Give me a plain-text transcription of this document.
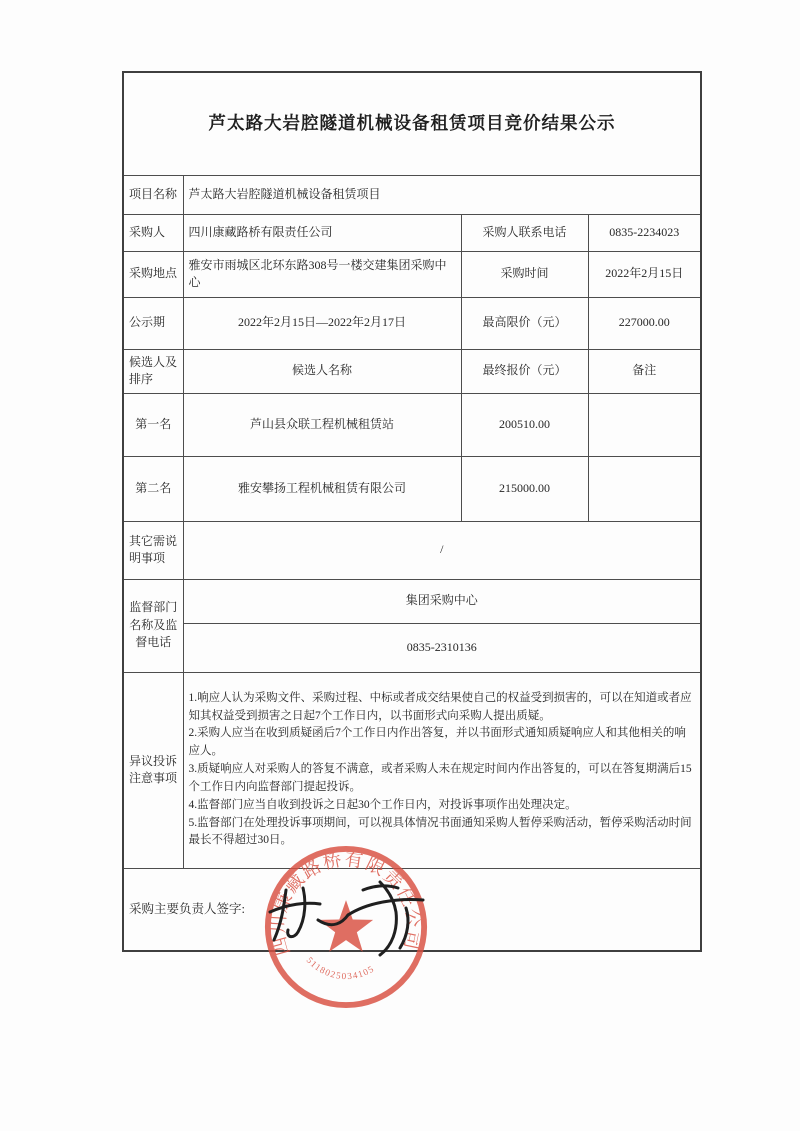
芦太路大岩腔隧道机械设备租赁项目竞价结果公示			
项目名称	芦太路大岩腔隧道机械设备租赁项目		
采购人	四川康藏路桥有限责任公司	采购人联系电话	0835-2234023
采购地点	雅安市雨城区北环东路308号一楼交建集团采购中心	采购时间	2022年2月15日
公示期	2022年2月15日—2022年2月17日	最高限价（元）	227000.00
候选人及排序	候选人名称	最终报价（元）	备注
第一名	芦山县众联工程机械租赁站	200510.00	
第二名	雅安攀扬工程机械租赁有限公司	215000.00	
其它需说明事项	/		
监督部门名称及监督电话	集团采购中心		
	0835-2310136		
异议投诉注意事项	1.响应人认为采购文件、采购过程、中标或者成交结果使自己的权益受到损害的，可以在知道或者应知其权益受到损害之日起7个工作日内，以书面形式向采购人提出质疑。
2.采购人应当在收到质疑函后7个工作日内作出答复，并以书面形式通知质疑响应人和其他相关的响应人。
3.质疑响应人对采购人的答复不满意，或者采购人未在规定时间内作出答复的，可以在答复期满后15个工作日内向监督部门提起投诉。
4.监督部门应当自收到投诉之日起30个工作日内，对投诉事项作出处理决定。
5.监督部门在处理投诉事项期间，可以视具体情况书面通知采购人暂停采购活动，暂停采购活动时间最长不得超过30日。		

采购主要负责人签字:			
四川康藏路桥有限责任公司
5118025034105
